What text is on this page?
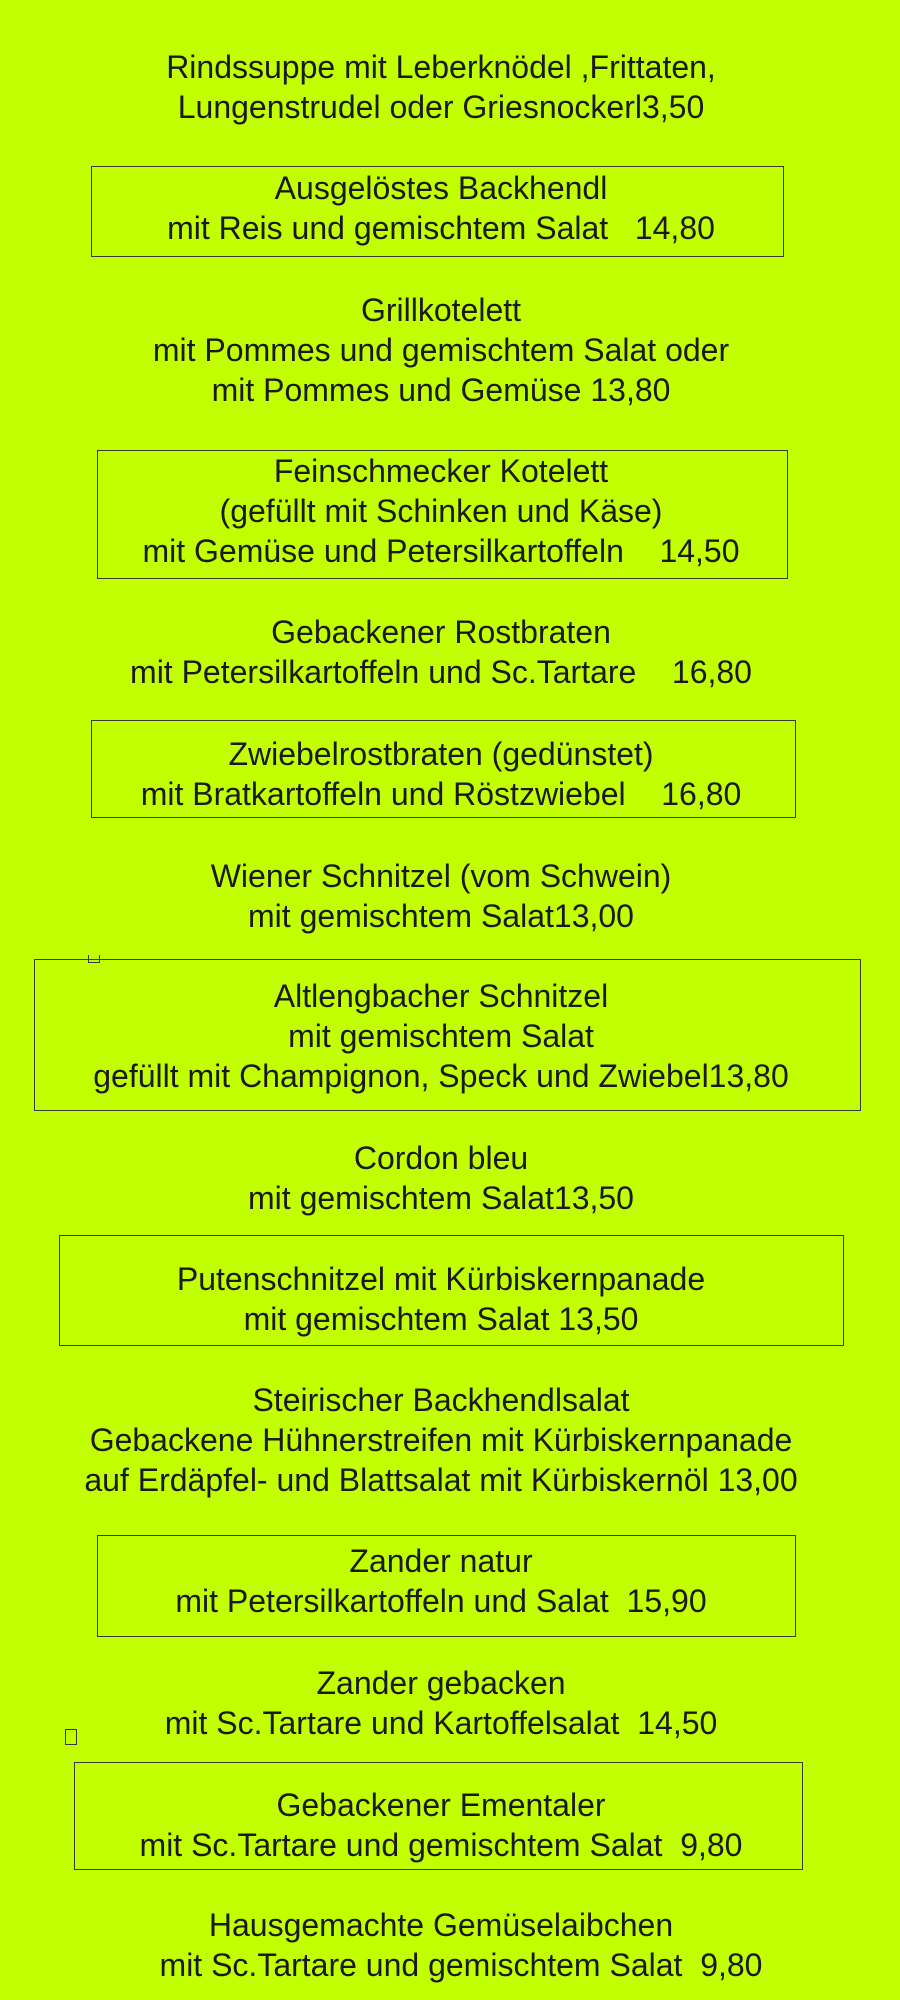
Rindssuppe mit Leberknödel ,Frittaten,
Lungenstrudel oder Griesnockerl3,50
Ausgelöstes Backhendl
mit Reis und gemischtem Salat   14,80
Grillkotelett
mit Pommes und gemischtem Salat oder
mit Pommes und Gemüse 13,80
Feinschmecker Kotelett
(gefüllt mit Schinken und Käse)
mit Gemüse und Petersilkartoffeln    14,50
Gebackener Rostbraten
mit Petersilkartoffeln und Sc.Tartare    16,80
Zwiebelrostbraten (gedünstet)
mit Bratkartoffeln und Röstzwiebel    16,80
Wiener Schnitzel (vom Schwein)
mit gemischtem Salat13,00
Altlengbacher Schnitzel
mit gemischtem Salat
gefüllt mit Champignon, Speck und Zwiebel13,80
Cordon bleu
mit gemischtem Salat13,50
Putenschnitzel mit Kürbiskernpanade
mit gemischtem Salat 13,50
Steirischer Backhendlsalat
Gebackene Hühnerstreifen mit Kürbiskernpanade
auf Erdäpfel- und Blattsalat mit Kürbiskernöl 13,00
Zander natur
mit Petersilkartoffeln und Salat  15,90
Zander gebacken
mit Sc.Tartare und Kartoffelsalat  14,50
Gebackener Ementaler
mit Sc.Tartare und gemischtem Salat  9,80
Hausgemachte Gemüselaibchen
mit Sc.Tartare und gemischtem Salat  9,80
